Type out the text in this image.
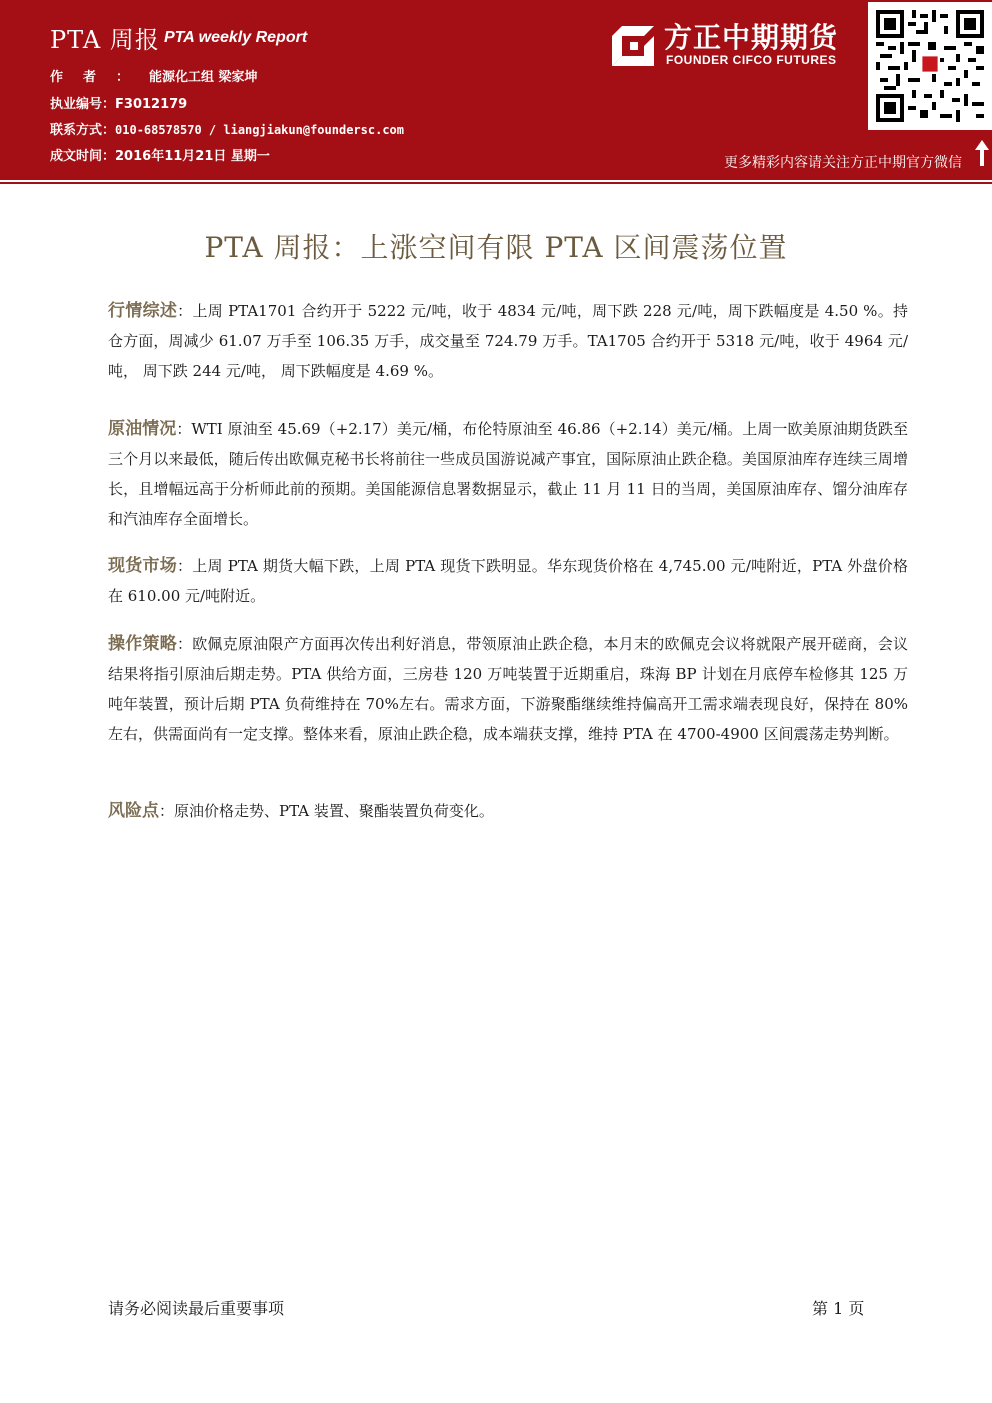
PTA 周报 PTA weekly Report
作者：能源化工组 梁家坤
执业编号：F3012179
联系方式：010-68578570 / liangjiakun@foundersc.com
成文时间：2016年11月21日 星期一
方正中期期货
FOUNDER CIFCO FUTURES
更多精彩内容请关注方正中期官方微信
PTA 周报：上涨空间有限 PTA 区间震荡位置
行情综述：上周 PTA1701 合约开于 5222 元/吨，收于 4834 元/吨，周下跌 228 元/吨，周下跌幅度是 4.50 %。持仓方面，周减少 61.07 万手至 106.35 万手，成交量至 724.79 万手。TA1705 合约开于 5318 元/吨，收于 4964 元/吨， 周下跌 244 元/吨， 周下跌幅度是 4.69 %。
原油情况：WTI 原油至 45.69（+2.17）美元/桶，布伦特原油至 46.86（+2.14）美元/桶。上周一欧美原油期货跌至三个月以来最低，随后传出欧佩克秘书长将前往一些成员国游说减产事宜，国际原油止跌企稳。美国原油库存连续三周增长，且增幅远高于分析师此前的预期。美国能源信息署数据显示，截止 11 月 11 日的当周，美国原油库存、馏分油库存和汽油库存全面增长。
现货市场：上周 PTA 期货大幅下跌，上周 PTA 现货下跌明显。华东现货价格在 4,745.00 元/吨附近，PTA 外盘价格在 610.00 元/吨附近。
操作策略：欧佩克原油限产方面再次传出利好消息，带领原油止跌企稳，本月末的欧佩克会议将就限产展开磋商，会议结果将指引原油后期走势。PTA 供给方面，三房巷 120 万吨装置于近期重启，珠海 BP 计划在月底停车检修其 125 万吨年装置，预计后期 PTA 负荷维持在 70%左右。需求方面，下游聚酯继续维持偏高开工需求端表现良好，保持在 80%左右，供需面尚有一定支撑。整体来看，原油止跌企稳，成本端获支撑，维持 PTA 在 4700-4900 区间震荡走势判断。
风险点：原油价格走势、PTA 装置、聚酯装置负荷变化。
请务必阅读最后重要事项	第 1 页
